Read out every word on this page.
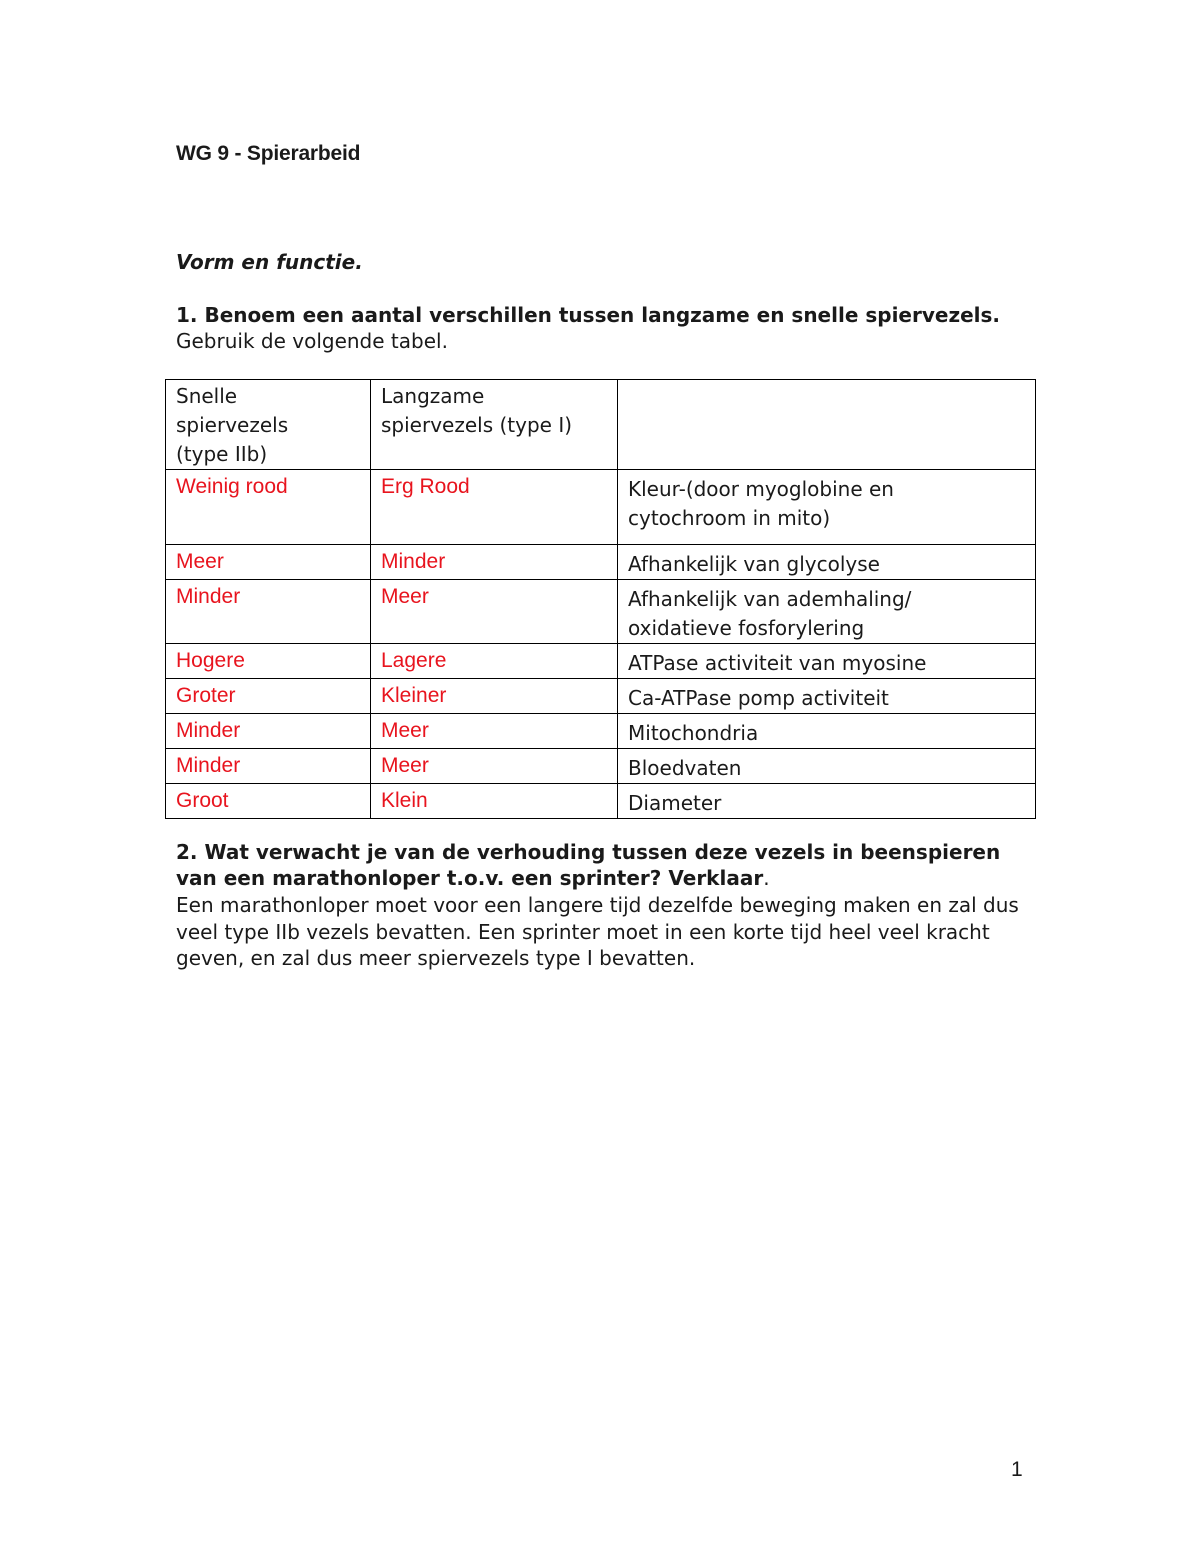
WG 9 - Spierarbeid
Vorm en functie.

1. Benoem een aantal verschillen tussen langzame en snelle spiervezels. Gebruik de volgende tabel.

Snelle spiervezels (type IIb)	Langzame spiervezels (type I)	
Weinig rood	Erg Rood	Kleur-(door myoglobine en cytochroom in mito)
Meer	Minder	Afhankelijk van glycolyse
Minder	Meer	Afhankelijk van ademhaling/ oxidatieve fosforylering
Hogere	Lagere	ATPase activiteit van myosine
Groter	Kleiner	Ca-ATPase pomp activiteit
Minder	Meer	Mitochondria
Minder	Meer	Bloedvaten
Groot	Klein	Diameter

2. Wat verwacht je van de verhouding tussen deze vezels in beenspieren van een marathonloper t.o.v. een sprinter? Verklaar.

Een marathonloper moet voor een langere tijd dezelfde beweging maken en zal dus veel type IIb vezels bevatten. Een sprinter moet in een korte tijd heel veel kracht geven, en zal dus meer spiervezels type I bevatten.

1
